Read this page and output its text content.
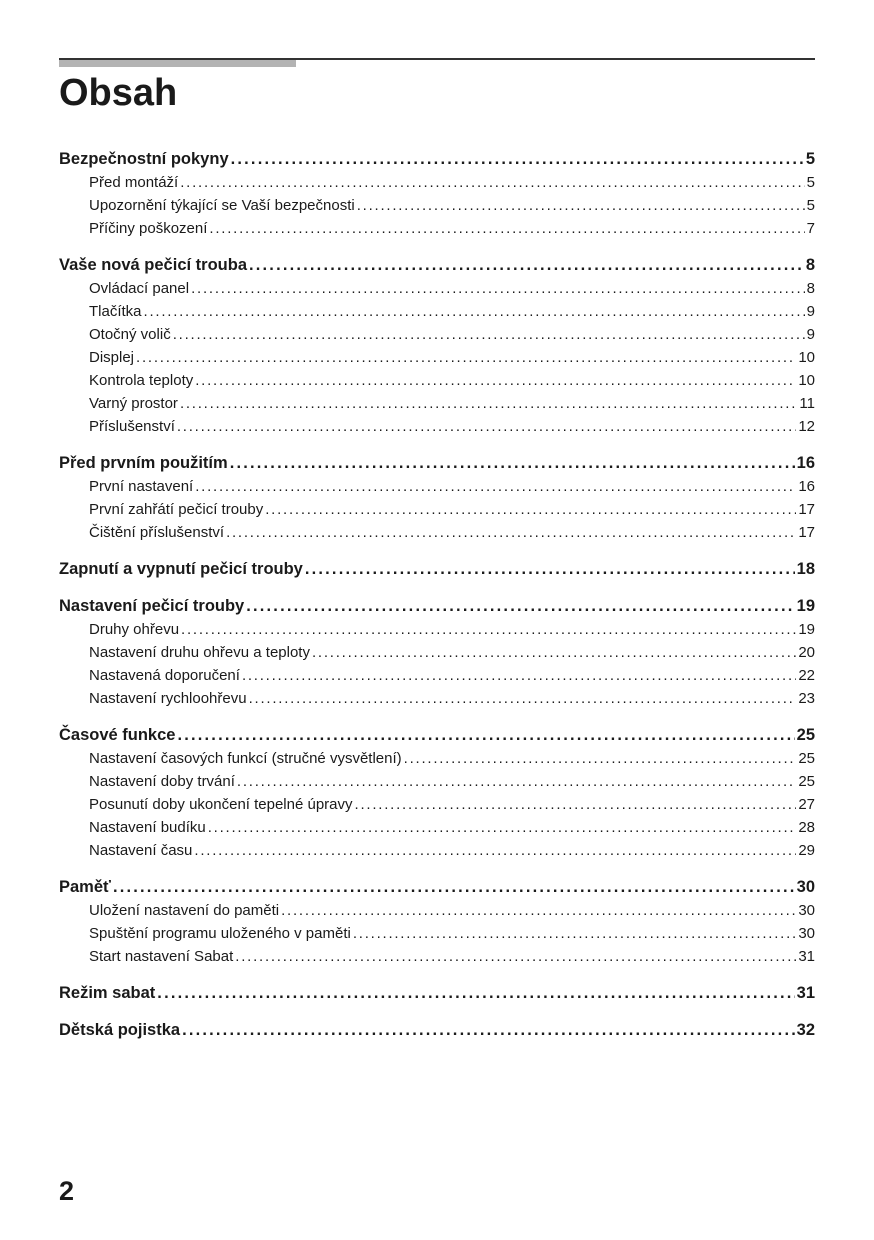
Obsah
Bezpečnostní pokyny . . .	5
Před montáží . . .	5
Upozornění týkající se Vaší bezpečnosti . . .	5
Příčiny poškození . . .	7
Vaše nová pečicí trouba . . .	8
Ovládací panel . . .	8
Tlačítka . . .	9
Otočný volič . . .	9
Displej . . .	10
Kontrola teploty . . .	10
Varný prostor . . .	11
Příslušenství . . .	12
Před prvním použitím . . .	16
První nastavení . . .	16
První zahřátí pečicí trouby . . .	17
Čištění příslušenství . . .	17
Zapnutí a vypnutí pečicí trouby . . .	18
Nastavení pečicí trouby . . .	19
Druhy ohřevu . . .	19
Nastavení druhu ohřevu a teploty . . .	20
Nastavená doporučení . . .	22
Nastavení rychloohřevu . . .	23
Časové funkce . . .	25
Nastavení časových funkcí (stručné vysvětlení) . . .	25
Nastavení doby trvání . . .	25
Posunutí doby ukončení tepelné úpravy . . .	27
Nastavení budíku . . .	28
Nastavení času . . .	29
Paměť . . .	30
Uložení nastavení do paměti . . .	30
Spuštění programu uloženého v paměti . . .	30
Start nastavení Sabat . . .	31
Režim sabat . . .	31
Dětská pojistka . . .	32
2
